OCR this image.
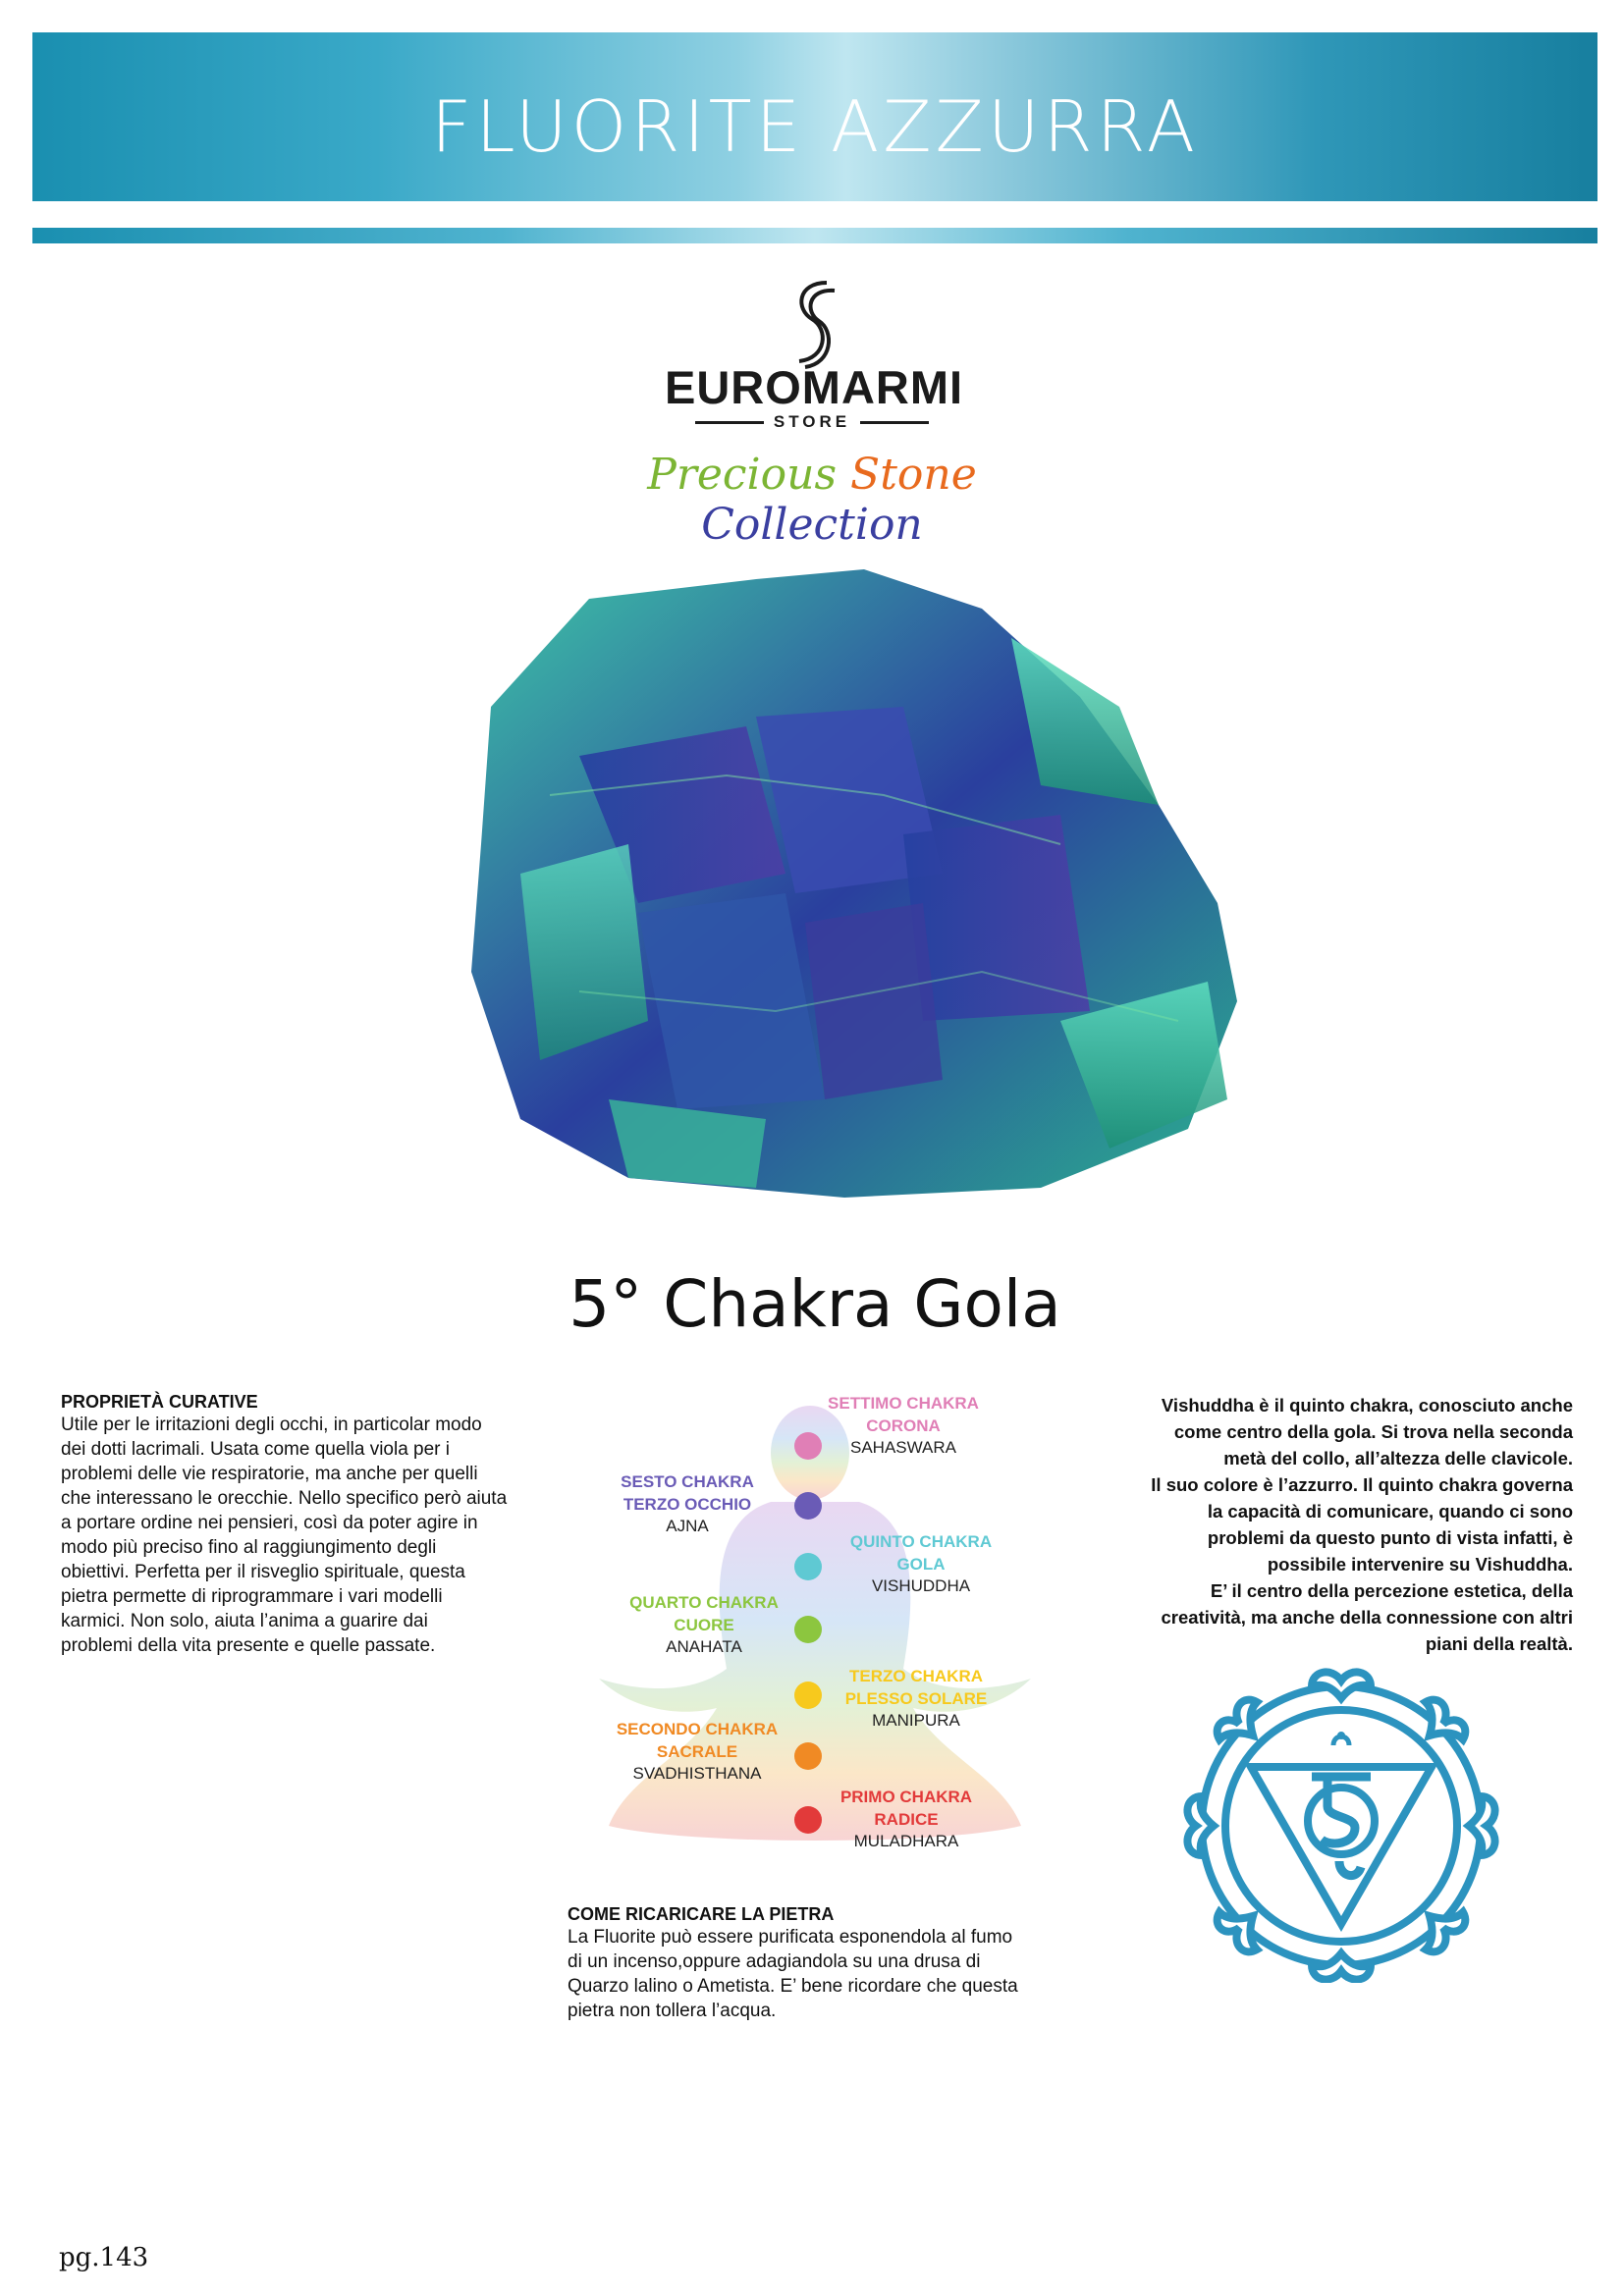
FLUORITE AZZURRA
EUROMARMI
STORE
Precious Stone Collection
5° Chakra Gola
PROPRIETÀ CURATIVE
Utile per le irritazioni degli occhi, in particolar modo
dei dotti lacrimali. Usata come quella viola per i
problemi delle vie respiratorie, ma anche per quelli
che interessano le orecchie. Nello specifico però aiuta
a portare ordine nei pensieri, così da poter agire in
modo più preciso fino al raggiungimento degli
obiettivi. Perfetta per il risveglio spirituale, questa
pietra permette di riprogrammare i vari modelli
karmici. Non solo, aiuta l’anima a guarire dai
problemi della vita presente e quelle passate.
SETTIMO CHAKRA
CORONA
SAHASWARA
SESTO CHAKRA
TERZO OCCHIO
AJNA
QUINTO CHAKRA
GOLA
VISHUDDHA
QUARTO CHAKRA
CUORE
ANAHATA
TERZO CHAKRA
PLESSO SOLARE
MANIPURA
SECONDO CHAKRA
SACRALE
SVADHISTHANA
PRIMO CHAKRA
RADICE
MULADHARA
COME RICARICARE LA PIETRA
La Fluorite può essere purificata esponendola al fumo
di un incenso,oppure adagiandola su una drusa di
Quarzo lalino o Ametista. E’ bene ricordare che questa
pietra non tollera l’acqua.
Vishuddha è il quinto chakra, conosciuto anche
come centro della gola. Si trova nella seconda
metà del collo, all’altezza delle clavicole.
Il suo colore è l’azzurro. Il quinto chakra governa
la capacità di comunicare, quando ci sono
problemi da questo punto di vista infatti, è
possibile intervenire su Vishuddha.
E’ il centro della percezione estetica, della
creatività, ma anche della connessione con altri
piani della realtà.
pg.143
